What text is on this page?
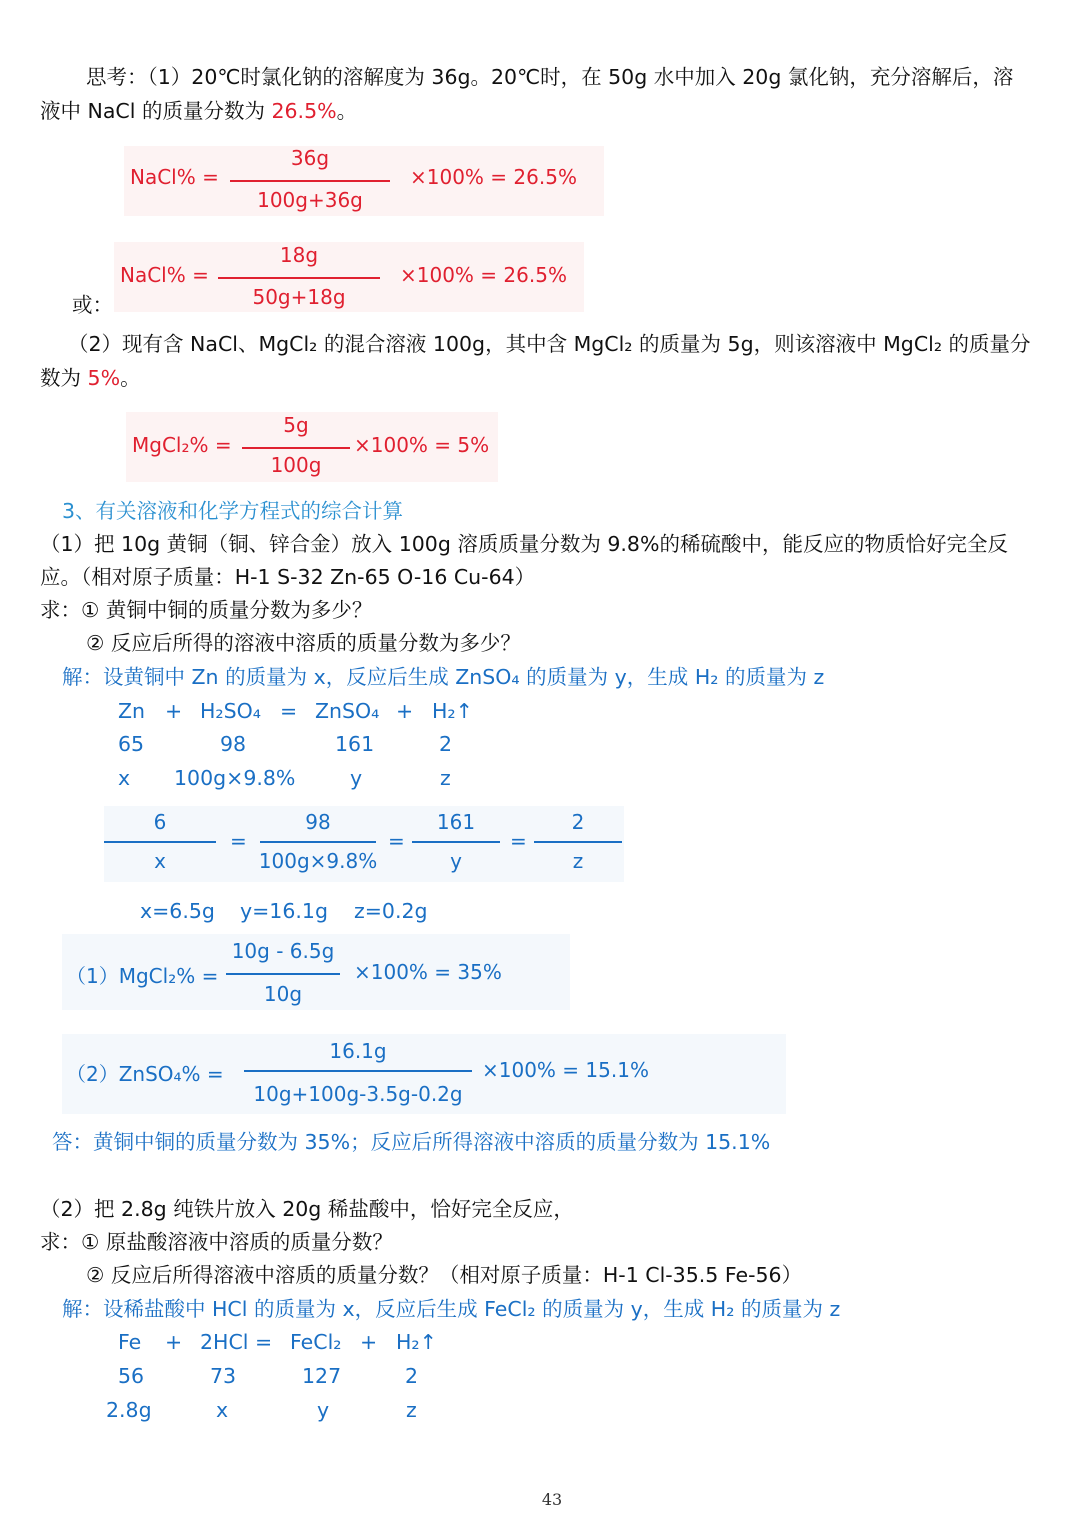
思考：（1）20℃时氯化钠的溶解度为 36g。20℃时，在 50g 水中加入 20g 氯化钠，充分溶解后，溶
液中 NaCl 的质量分数为 26.5%。
NaCl% =
36g
100g+36g
×100% = 26.5%
NaCl% =
18g
50g+18g
×100% = 26.5%
或：
（2）现有含 NaCl、MgCl₂ 的混合溶液 100g，其中含 MgCl₂ 的质量为 5g，则该溶液中 MgCl₂ 的质量分
数为 5%。
MgCl₂% =
5g
100g
×100% = 5%
3、有关溶液和化学方程式的综合计算
（1）把 10g 黄铜（铜、锌合金）放入 100g 溶质质量分数为 9.8%的稀硫酸中，能反应的物质恰好完全反
应。（相对原子质量：H-1 S-32 Zn-65 O-16 Cu-64）
求：① 黄铜中铜的质量分数为多少？
② 反应后所得的溶液中溶质的质量分数为多少？
解：设黄铜中 Zn 的质量为 x，反应后生成 ZnSO₄ 的质量为 y，生成 H₂ 的质量为 z
Zn + H₂SO₄ = ZnSO₄ + H₂↑
65	98	161	2
x 100g×9.8%	y	z
6
x
=
98
100g×9.8%
=
161
y
=
2
z
x=6.5g y=16.1g z=0.2g
（1）MgCl₂% =
10g - 6.5g
10g
×100% = 35%
（2）ZnSO₄% =
16.1g
10g+100g-3.5g-0.2g
×100% = 15.1%
答：黄铜中铜的质量分数为 35%；反应后所得溶液中溶质的质量分数为 15.1%
（2）把 2.8g 纯铁片放入 20g 稀盐酸中，恰好完全反应，
求：① 原盐酸溶液中溶质的质量分数？
② 反应后所得溶液中溶质的质量分数？（相对原子质量：H-1 Cl-35.5 Fe-56）
解：设稀盐酸中 HCl 的质量为 x，反应后生成 FeCl₂ 的质量为 y，生成 H₂ 的质量为 z
Fe + 2HCl = FeCl₂ + H₂↑
56	73	127	2
2.8g	x	y	z
43
